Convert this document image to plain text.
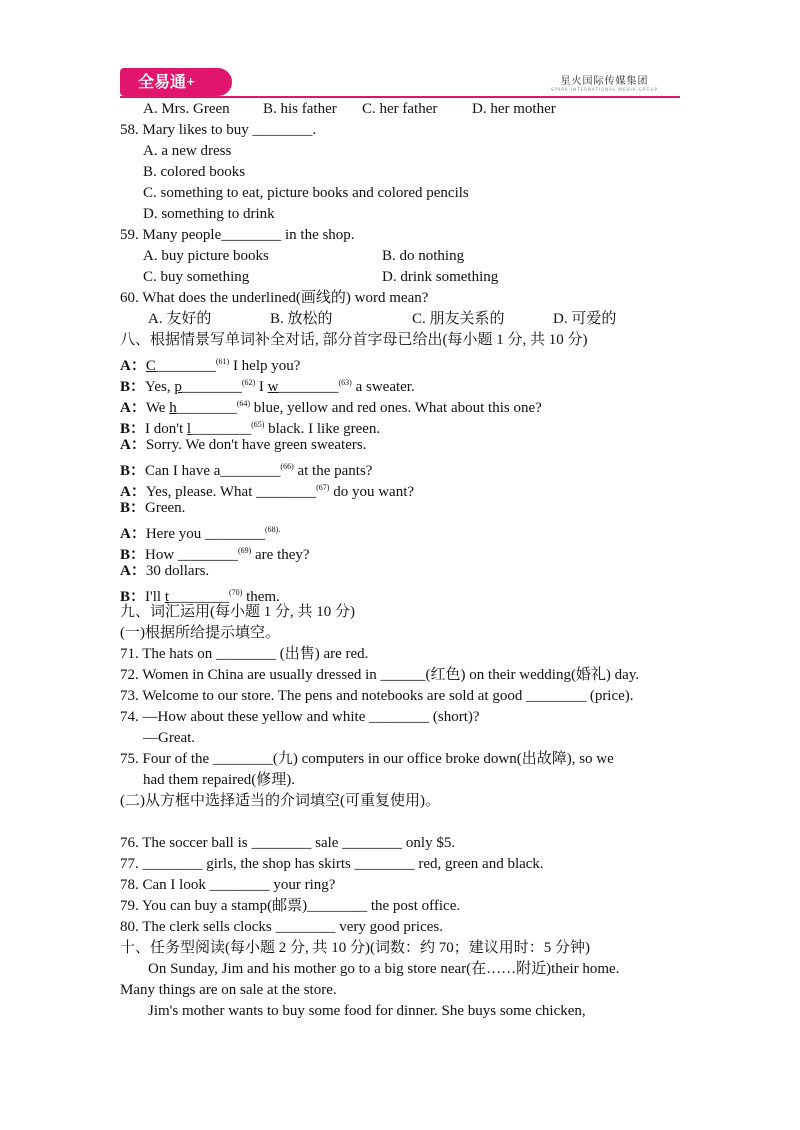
全易通+	星火国际传媒集团
SPARK INTERNATIONAL MEDIA GROUP
A. Mrs. Green B. his father C. her father D. her mother
58. Mary likes to buy ________.
A. a new dress
B. colored books
C. something to eat, picture books and colored pencils
D. something to drink
59. Many people________ in the shop.
A. buy picture books	B. do nothing
C. buy something	D. drink something
60. What does the underlined(画线的) word mean?
A. 友好的	B. 放松的	C. 朋友关系的	D. 可爱的
八、根据情景写单词补全对话, 部分首字母已给出(每小题 1 分, 共 10 分)
A：C________$^{(61)}$ I help you?
B：Yes, p________$^{(62)}$ I w________$^{(63)}$ a sweater.
A：We h________$^{(64)}$ blue, yellow and red ones. What about this one?
B：I don't l________$^{(65)}$ black. I like green.
A：Sorry. We don't have green sweaters.
B：Can I have a________$^{(66)}$ at the pants?
A：Yes, please. What ________$^{(67)}$ do you want?
B：Green.
A：Here you ________$^{(68).}$
B：How ________$^{(69)}$ are they?
A：30 dollars.
B：I'll t________$^{(70)}$ them.
九、词汇运用(每小题 1 分, 共 10 分)
(一)根据所给提示填空。
71. The hats on ________ (出售) are red.
72. Women in China are usually dressed in ______(红色) on their wedding(婚礼) day.
73. Welcome to our store. The pens and notebooks are sold at good ________ (price).
74. —How about these yellow and white ________ (short)?
—Great.
75. Four of the ________(九) computers in our office broke down(出故障), so we
had them repaired(修理).
(二)从方框中选择适当的介词填空(可重复使用)。
76. The soccer ball is ________ sale ________ only $5.
77. ________ girls, the shop has skirts ________ red, green and black.
78. Can I look ________ your ring?
79. You can buy a stamp(邮票)________ the post office.
80. The clerk sells clocks ________ very good prices.
十、任务型阅读(每小题 2 分, 共 10 分)(词数：约 70；建议用时：5 分钟)
On Sunday, Jim and his mother go to a big store near(在……附近)their home.
Many things are on sale at the store.
Jim's mother wants to buy some food for dinner. She buys some chicken,
